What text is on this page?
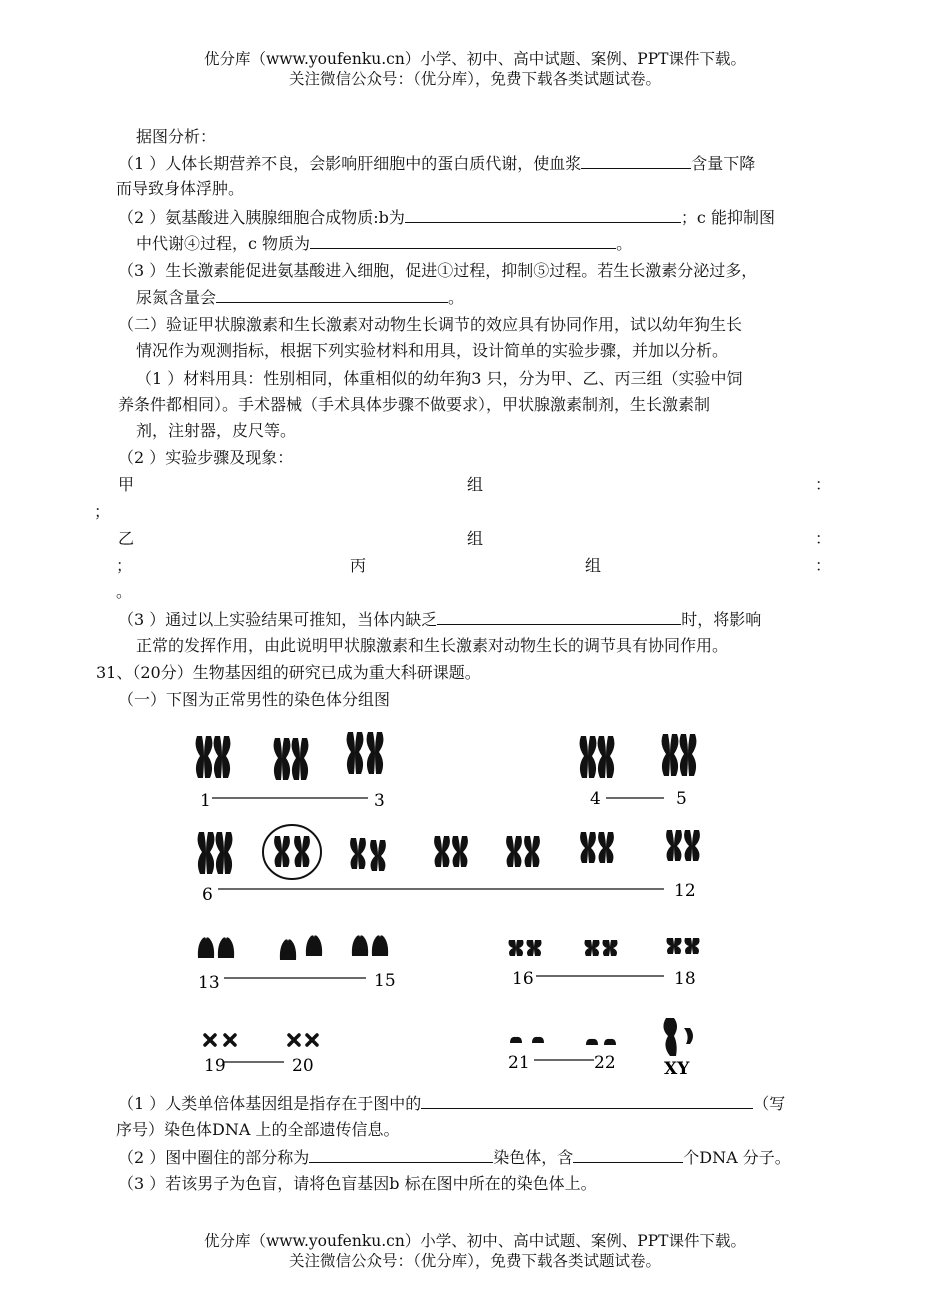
优分库（www.youfenku.cn）小学、初中、高中试题、案例、PPT课件下载。
关注微信公众号：（优分库），免费下载各类试题试卷。
据图分析：
（1 ）人体长期营养不良，会影响肝细胞中的蛋白质代谢，使血浆	含量下降
而导致身体浮肿。
（2 ）氨基酸进入胰腺细胞合成物质:b为	；c 能抑制图
中代谢④过程，c 物质为	。
（3 ）生长激素能促进氨基酸进入细胞，促进①过程，抑制⑤过程。若生长激素分泌过多，
尿氮含量会	。
（二）验证甲状腺激素和生长激素对动物生长调节的效应具有协同作用，试以幼年狗生长
情况作为观测指标，根据下列实验材料和用具，设计简单的实验步骤，并加以分析。
（1 ）材料用具：性别相同，体重相似的幼年狗3 只，分为甲、乙、丙三组（实验中饲
养条件都相同）。手术器械（手术具体步骤不做要求），甲状腺激素制剂，生长激素制
剂，注射器，皮尺等。
（2 ）实验步骤及现象：
甲	组	：
；
乙	组	：
；	丙	组	：
。
（3 ）通过以上实验结果可推知，当体内缺乏	时，将影响
正常的发挥作用，由此说明甲状腺激素和生长激素对动物生长的调节具有协同作用。
31、（20分）生物基因组的研究已成为重大科研课题。
（一）下图为正常男性的染色体分组图
1	3	4	5
6	12
13	15	16	18
19	20	21	22	XY
（1 ）人类单倍体基因组是指存在于图中的	（写
序号）染色体DNA 上的全部遗传信息。
（2 ）图中圈住的部分称为	染色体，含	个DNA 分子。
（3 ）若该男子为色盲，请将色盲基因b 标在图中所在的染色体上。
优分库（www.youfenku.cn）小学、初中、高中试题、案例、PPT课件下载。
关注微信公众号：（优分库），免费下载各类试题试卷。
